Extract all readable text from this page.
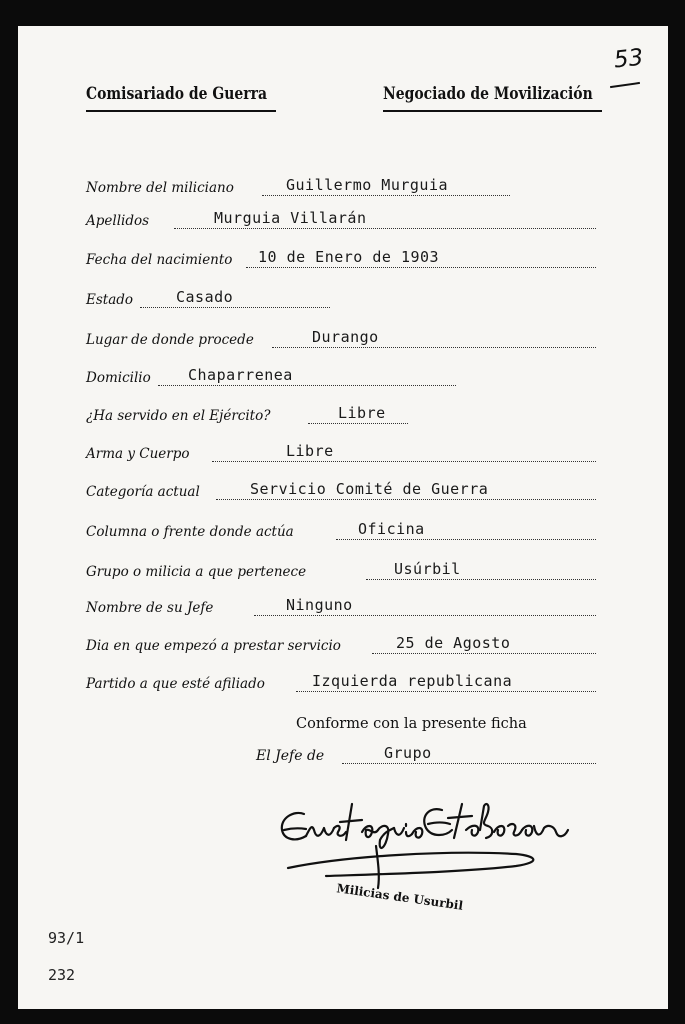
Comisariado de Guerra	Negociado de Movilización
53
Nombre del miliciano	Guillermo Murguia
Apellidos	Murguia Villarán
Fecha del nacimiento 10 de Enero de 1903
Estado	Casado
Lugar de donde procede	Durango
Domicilio Chaparrenea
¿Ha servido en el Ejército?	Libre
Arma y Cuerpo	Libre
Categoría actual	Servicio Comité de Guerra
Columna o frente donde actúa	Oficina
Grupo o milicia a que pertenece	Usúrbil
Nombre de su Jefe	Ninguno
Dia en que empezó a prestar servicio	25 de Agosto
Partido a que esté afiliado	Izquierda republicana
Conforme con la presente ficha
El Jefe de	Grupo
Milicias de Usurbil
93/1
232
